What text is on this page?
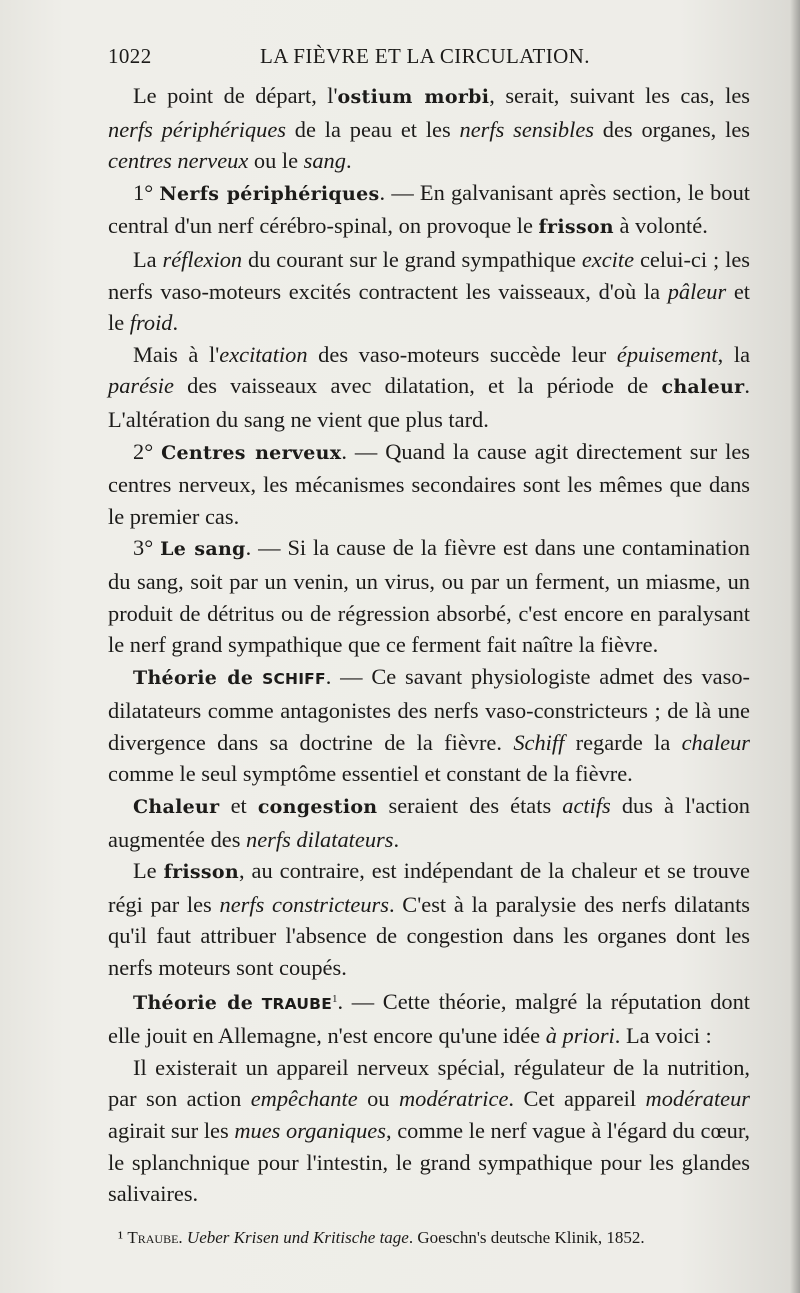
1022	LA FIÈVRE ET LA CIRCULATION.

Le point de départ, l'ostium morbi, serait, suivant les cas, les nerfs périphériques de la peau et les nerfs sensibles des organes, les centres nerveux ou le sang.

1° Nerfs périphériques. — En galvanisant après section, le bout central d'un nerf cérébro-spinal, on provoque le frisson à volonté.

La réflexion du courant sur le grand sympathique excite celui-ci ; les nerfs vaso-moteurs excités contractent les vaisseaux, d'où la pâleur et le froid.

Mais à l'excitation des vaso-moteurs succède leur épuisement, la parésie des vaisseaux avec dilatation, et la période de chaleur. L'altération du sang ne vient que plus tard.

2° Centres nerveux. — Quand la cause agit directement sur les centres nerveux, les mécanismes secondaires sont les mêmes que dans le premier cas.

3° Le sang. — Si la cause de la fièvre est dans une contamination du sang, soit par un venin, un virus, ou par un ferment, un miasme, un produit de détritus ou de régression absorbé, c'est encore en paralysant le nerf grand sympathique que ce ferment fait naître la fièvre.

Théorie de SCHIFF. — Ce savant physiologiste admet des vaso-dilatateurs comme antagonistes des nerfs vaso-constricteurs ; de là une divergence dans sa doctrine de la fièvre. Schiff regarde la chaleur comme le seul symptôme essentiel et constant de la fièvre.

Chaleur et congestion seraient des états actifs dus à l'action augmentée des nerfs dilatateurs.

Le frisson, au contraire, est indépendant de la chaleur et se trouve régi par les nerfs constricteurs. C'est à la paralysie des nerfs dilatants qu'il faut attribuer l'absence de congestion dans les organes dont les nerfs moteurs sont coupés.

Théorie de TRAUBE$^1$. — Cette théorie, malgré la réputation dont elle jouit en Allemagne, n'est encore qu'une idée à priori. La voici :

Il existerait un appareil nerveux spécial, régulateur de la nutrition, par son action empêchante ou modératrice. Cet appareil modérateur agirait sur les mues organiques, comme le nerf vague à l'égard du cœur, le splanchnique pour l'intestin, le grand sympathique pour les glandes salivaires.

¹ Traube. Ueber Krisen und Kritische tage. Goeschn's deutsche Klinik, 1852.
